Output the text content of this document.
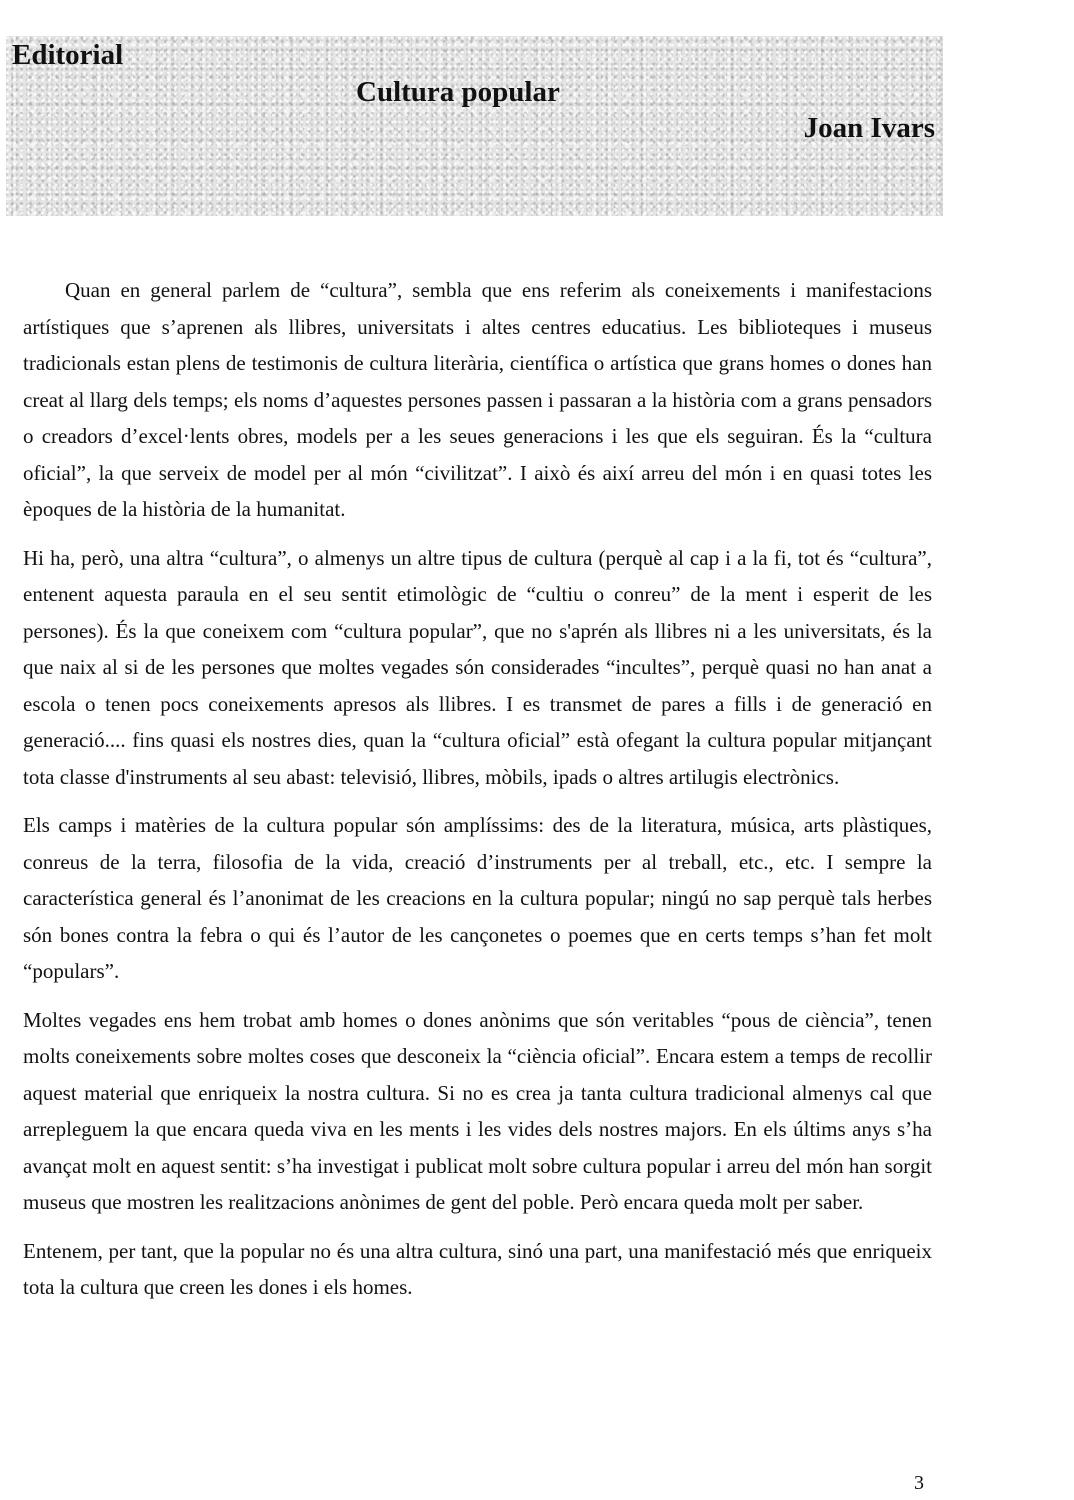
Editorial
Cultura popular
Joan Ivars

Quan en general parlem de “cultura”, sembla que ens referim als coneixements i manifestacions artístiques que s’aprenen als llibres, universitats i altes centres educatius. Les biblioteques i museus tradicionals estan plens de testimonis de cultura literària, científica o artística que grans homes o dones han creat al llarg dels temps; els noms d’aquestes persones passen i passaran a la història com a grans pensadors o creadors d’excel·lents obres, models per a les seues generacions i les que els seguiran. És la “cultura oficial”, la que serveix de model per al món “civilitzat”. I això és així arreu del món i en quasi totes les èpoques de la història de la humanitat.

Hi ha, però, una altra “cultura”, o almenys un altre tipus de cultura (perquè al cap i a la fi, tot és “cultura”, entenent aquesta paraula en el seu sentit etimològic de “cultiu o conreu” de la ment i esperit de les persones). És la que coneixem com “cultura popular”, que no s'aprén als llibres ni a les universitats, és la que naix al si de les persones que moltes vegades són considerades “incultes”, perquè quasi no han anat a escola o tenen pocs coneixements apresos als llibres. I es transmet de pares a fills i de generació en generació.... fins quasi els nostres dies, quan la “cultura oficial” està ofegant la cultura popular mitjançant tota classe d'instruments al seu abast: televisió, llibres, mòbils, ipads o altres artilugis electrònics.

Els camps i matèries de la cultura popular són amplíssims: des de la literatura, música, arts plàstiques, conreus de la terra, filosofia de la vida, creació d’instruments per al treball, etc., etc. I sempre la característica general és l’anonimat de les creacions en la cultura popular; ningú no sap perquè tals herbes són bones contra la febra o qui és l’autor de les cançonetes o poemes que en certs temps s’han fet molt “populars”.

Moltes vegades ens hem trobat amb homes o dones anònims que són veritables “pous de ciència”, tenen molts coneixements sobre moltes coses que desconeix la “ciència oficial”. Encara estem a temps de recollir aquest material que enriqueix la nostra cultura. Si no es crea ja tanta cultura tradicional almenys cal que arrepleguem la que encara queda viva en les ments i les vides dels nostres majors. En els últims anys s’ha avançat molt en aquest sentit: s’ha investigat i publicat molt sobre cultura popular i arreu del món han sorgit museus que mostren les realitzacions anònimes de gent del poble. Però encara queda molt per saber.

Entenem, per tant, que la popular no és una altra cultura, sinó una part, una manifestació més que enriqueix tota la cultura que creen les dones i els homes.

3
